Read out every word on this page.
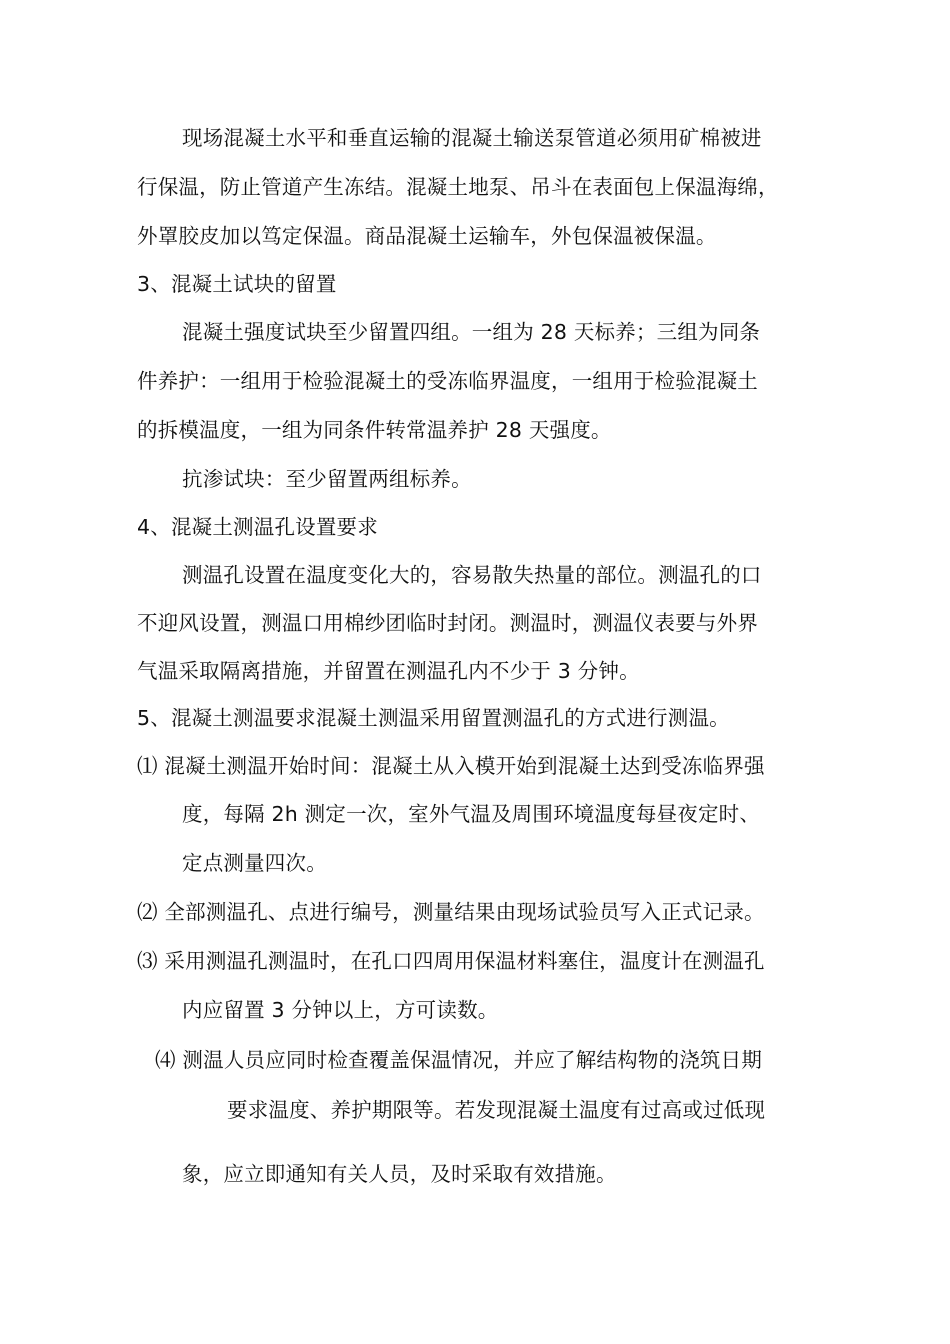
现场混凝土水平和垂直运输的混凝土输送泵管道必须用矿棉被进
行保温，防止管道产生冻结。混凝土地泵、吊斗在表面包上保温海绵，
外罩胶皮加以笃定保温。商品混凝土运输车，外包保温被保温。
3、混凝土试块的留置
混凝土强度试块至少留置四组。一组为 28 天标养；三组为同条
件养护：一组用于检验混凝土的受冻临界温度，一组用于检验混凝土
的拆模温度，一组为同条件转常温养护 28 天强度。
抗渗试块：至少留置两组标养。
4、混凝土测温孔设置要求
测温孔设置在温度变化大的，容易散失热量的部位。测温孔的口
不迎风设置，测温口用棉纱团临时封闭。测温时，测温仪表要与外界
气温采取隔离措施，并留置在测温孔内不少于 3 分钟。
5、混凝土测温要求混凝土测温采用留置测温孔的方式进行测温。
⑴ 混凝土测温开始时间：混凝土从入模开始到混凝土达到受冻临界强
度，每隔 2h 测定一次，室外气温及周围环境温度每昼夜定时、
定点测量四次。
⑵ 全部测温孔、点进行编号，测量结果由现场试验员写入正式记录。
⑶ 采用测温孔测温时，在孔口四周用保温材料塞住，温度计在测温孔
内应留置 3 分钟以上，方可读数。
⑷ 测温人员应同时检查覆盖保温情况，并应了解结构物的浇筑日期
要求温度、养护期限等。若发现混凝土温度有过高或过低现
象，应立即通知有关人员，及时采取有效措施。
